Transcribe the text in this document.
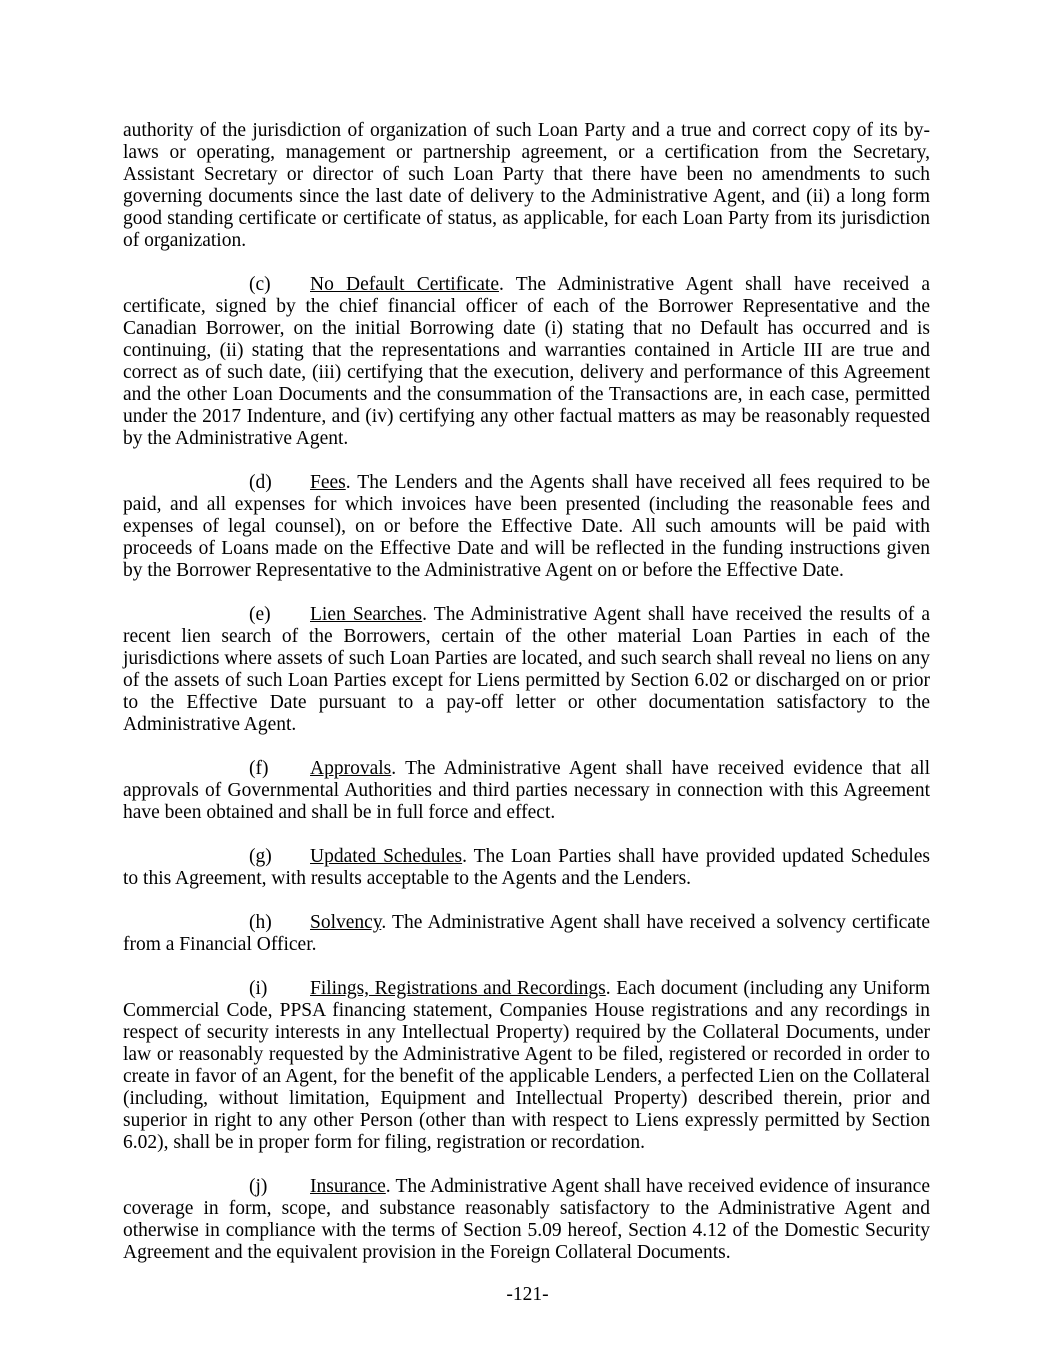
authority of the jurisdiction of organization of such Loan Party and a true and correct copy of its by-laws or operating, management or partnership agreement, or a certification from the Secretary, Assistant Secretary or director of such Loan Party that there have been no amendments to such governing documents since the last date of delivery to the Administrative Agent, and (ii) a long form good standing certificate or certificate of status, as applicable, for each Loan Party from its jurisdiction of organization.

(c) No Default Certificate. The Administrative Agent shall have received a certificate, signed by the chief financial officer of each of the Borrower Representative and the Canadian Borrower, on the initial Borrowing date (i) stating that no Default has occurred and is continuing, (ii) stating that the representations and warranties contained in Article III are true and correct as of such date, (iii) certifying that the execution, delivery and performance of this Agreement and the other Loan Documents and the consummation of the Transactions are, in each case, permitted under the 2017 Indenture, and (iv) certifying any other factual matters as may be reasonably requested by the Administrative Agent.

(d) Fees. The Lenders and the Agents shall have received all fees required to be paid, and all expenses for which invoices have been presented (including the reasonable fees and expenses of legal counsel), on or before the Effective Date. All such amounts will be paid with proceeds of Loans made on the Effective Date and will be reflected in the funding instructions given by the Borrower Representative to the Administrative Agent on or before the Effective Date.

(e) Lien Searches. The Administrative Agent shall have received the results of a recent lien search of the Borrowers, certain of the other material Loan Parties in each of the jurisdictions where assets of such Loan Parties are located, and such search shall reveal no liens on any of the assets of such Loan Parties except for Liens permitted by Section 6.02 or discharged on or prior to the Effective Date pursuant to a pay-off letter or other documentation satisfactory to the Administrative Agent.

(f) Approvals. The Administrative Agent shall have received evidence that all approvals of Governmental Authorities and third parties necessary in connection with this Agreement have been obtained and shall be in full force and effect.

(g) Updated Schedules. The Loan Parties shall have provided updated Schedules to this Agreement, with results acceptable to the Agents and the Lenders.

(h) Solvency. The Administrative Agent shall have received a solvency certificate from a Financial Officer.

(i) Filings, Registrations and Recordings. Each document (including any Uniform Commercial Code, PPSA financing statement, Companies House registrations and any recordings in respect of security interests in any Intellectual Property) required by the Collateral Documents, under law or reasonably requested by the Administrative Agent to be filed, registered or recorded in order to create in favor of an Agent, for the benefit of the applicable Lenders, a perfected Lien on the Collateral (including, without limitation, Equipment and Intellectual Property) described therein, prior and superior in right to any other Person (other than with respect to Liens expressly permitted by Section 6.02), shall be in proper form for filing, registration or recordation.

(j) Insurance. The Administrative Agent shall have received evidence of insurance coverage in form, scope, and substance reasonably satisfactory to the Administrative Agent and otherwise in compliance with the terms of Section 5.09 hereof, Section 4.12 of the Domestic Security Agreement and the equivalent provision in the Foreign Collateral Documents.

-121-
